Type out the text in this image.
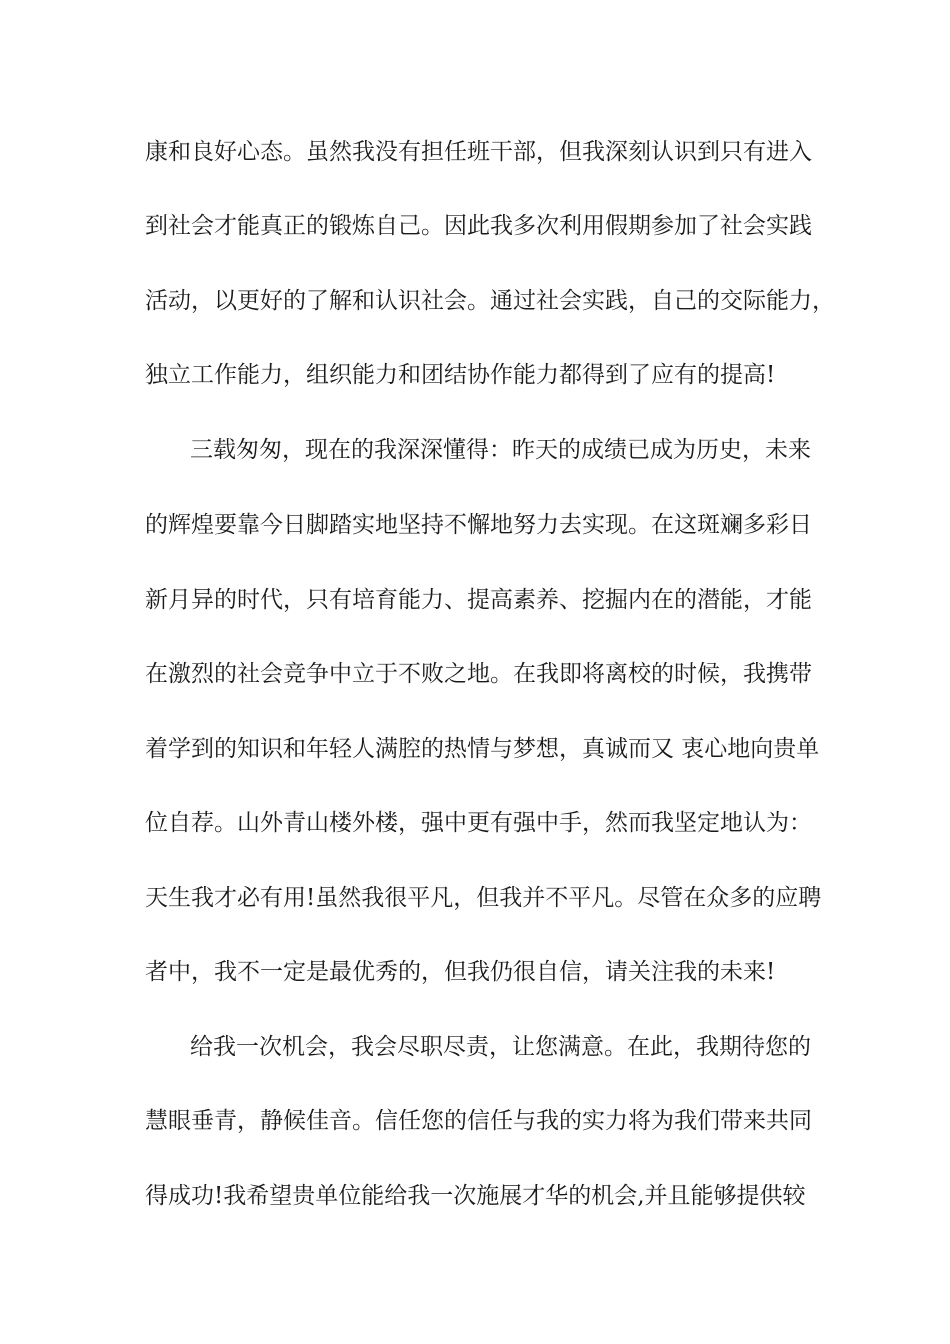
康和良好心态。虽然我没有担任班干部，但我深刻认识到只有进入
到社会才能真正的锻炼自己。因此我多次利用假期参加了社会实践
活动，以更好的了解和认识社会。通过社会实践，自己的交际能力，
独立工作能力，组织能力和团结协作能力都得到了应有的提高!
三载匆匆，现在的我深深懂得：昨天的成绩已成为历史，未来
的辉煌要靠今日脚踏实地坚持不懈地努力去实现。在这斑斓多彩日
新月异的时代，只有培育能力、提高素养、挖掘内在的潜能，才能
在激烈的社会竞争中立于不败之地。在我即将离校的时候，我携带
着学到的知识和年轻人满腔的热情与梦想，真诚而又 衷心地向贵单
位自荐。山外青山楼外楼，强中更有强中手，然而我坚定地认为：
天生我才必有用!虽然我很平凡，但我并不平凡。尽管在众多的应聘
者中，我不一定是最优秀的，但我仍很自信，请关注我的未来!
给我一次机会，我会尽职尽责，让您满意。在此，我期待您的
慧眼垂青，静候佳音。信任您的信任与我的实力将为我们带来共同
得成功!我希望贵单位能给我一次施展才华的机会,并且能够提供较
